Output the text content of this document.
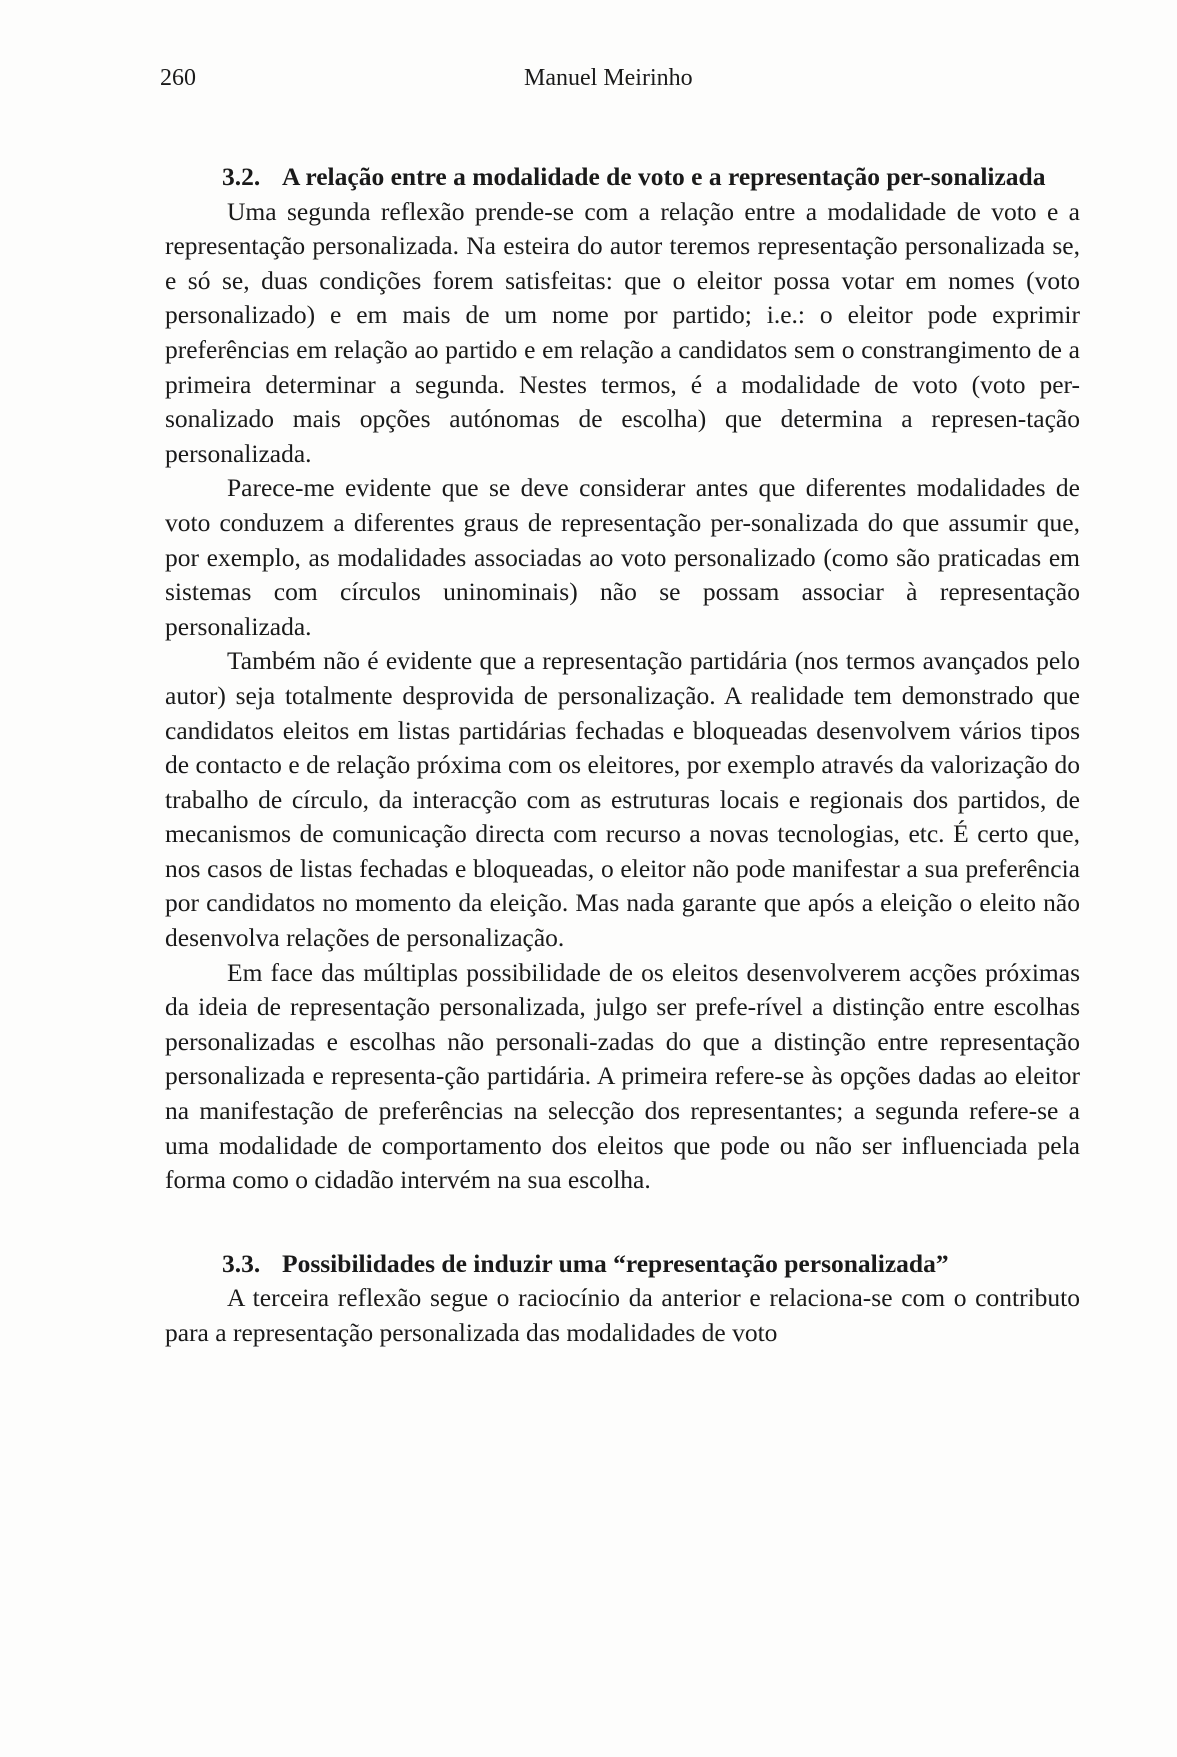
260	Manuel Meirinho
3.2. A relação entre a modalidade de voto e a representação per-sonalizada

Uma segunda reflexão prende-se com a relação entre a modalidade de voto e a representação personalizada. Na esteira do autor teremos representação personalizada se, e só se, duas condições forem satisfeitas: que o eleitor possa votar em nomes (voto personalizado) e em mais de um nome por partido; i.e.: o eleitor pode exprimir preferências em relação ao partido e em relação a candidatos sem o constrangimento de a primeira determinar a segunda. Nestes termos, é a modalidade de voto (voto per-sonalizado mais opções autónomas de escolha) que determina a represen-tação personalizada.

Parece-me evidente que se deve considerar antes que diferentes modalidades de voto conduzem a diferentes graus de representação per-sonalizada do que assumir que, por exemplo, as modalidades associadas ao voto personalizado (como são praticadas em sistemas com círculos uninominais) não se possam associar à representação personalizada.

Também não é evidente que a representação partidária (nos termos avançados pelo autor) seja totalmente desprovida de personalização. A realidade tem demonstrado que candidatos eleitos em listas partidárias fechadas e bloqueadas desenvolvem vários tipos de contacto e de relação próxima com os eleitores, por exemplo através da valorização do trabalho de círculo, da interacção com as estruturas locais e regionais dos partidos, de mecanismos de comunicação directa com recurso a novas tecnologias, etc. É certo que, nos casos de listas fechadas e bloqueadas, o eleitor não pode manifestar a sua preferência por candidatos no momento da eleição. Mas nada garante que após a eleição o eleito não desenvolva relações de personalização.

Em face das múltiplas possibilidade de os eleitos desenvolverem acções próximas da ideia de representação personalizada, julgo ser prefe-rível a distinção entre escolhas personalizadas e escolhas não personali-zadas do que a distinção entre representação personalizada e representa-ção partidária. A primeira refere-se às opções dadas ao eleitor na manifestação de preferências na selecção dos representantes; a segunda refere-se a uma modalidade de comportamento dos eleitos que pode ou não ser influenciada pela forma como o cidadão intervém na sua escolha.

3.3. Possibilidades de induzir uma “representação personalizada”

A terceira reflexão segue o raciocínio da anterior e relaciona-se com o contributo para a representação personalizada das modalidades de voto
